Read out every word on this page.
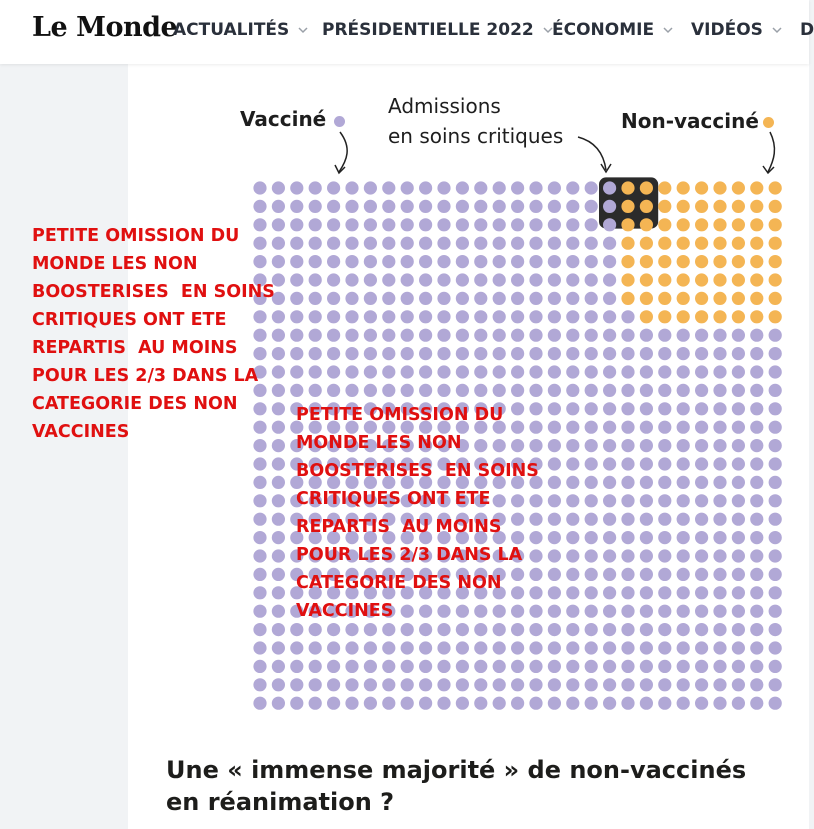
Le Monde
ACTUALITÉS PRÉSIDENTIELLE 2022 ÉCONOMIE VIDÉOS D
Vacciné
Admissions
en soins critiques
Non-vacciné
PETITE OMISSION DU
MONDE LES NON
BOOSTERISES  EN SOINS
CRITIQUES ONT ETE
REPARTIS  AU MOINS
POUR LES 2/3 DANS LA
CATEGORIE DES NON
VACCINES
PETITE OMISSION DU
MONDE LES NON
BOOSTERISES  EN SOINS
CRITIQUES ONT ETE
REPARTIS  AU MOINS
POUR LES 2/3 DANS LA
CATEGORIE DES NON
VACCINES
Une « immense majorité » de non-vaccinés en réanimation ?
